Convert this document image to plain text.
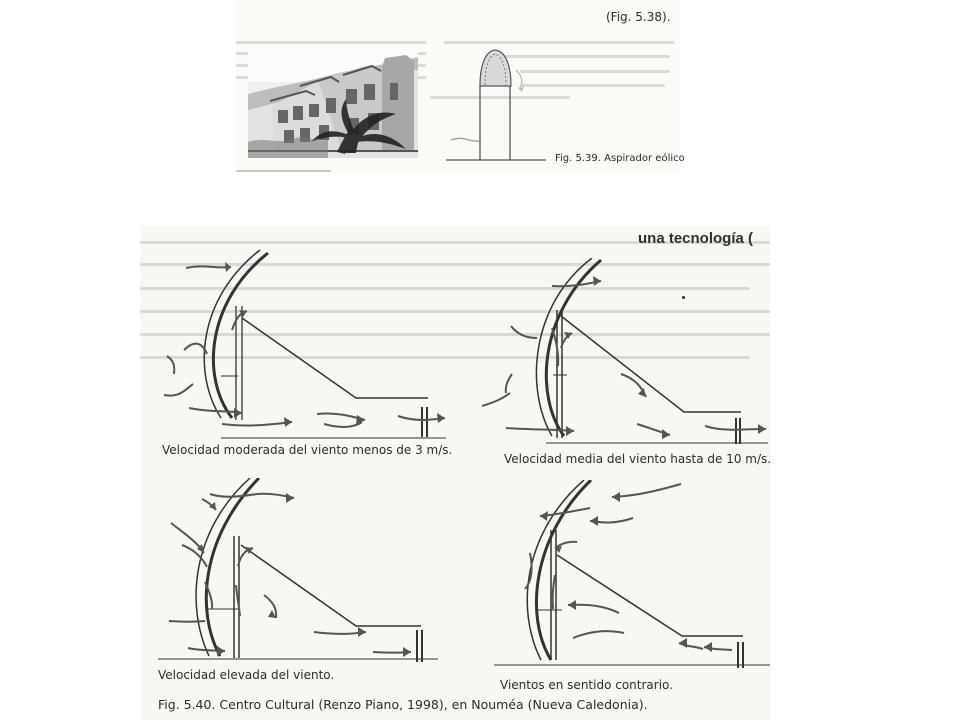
(Fig. 5.38).
Fig. 5.39. Aspirador eólico
una tecnología (
Velocidad moderada del viento menos de 3 m/s.
Velocidad media del viento hasta de 10 m/s.
Velocidad elevada del viento.
Vientos en sentido contrario.
Fig. 5.40. Centro Cultural (Renzo Piano, 1998), en Nouméa (Nueva Caledonia).
